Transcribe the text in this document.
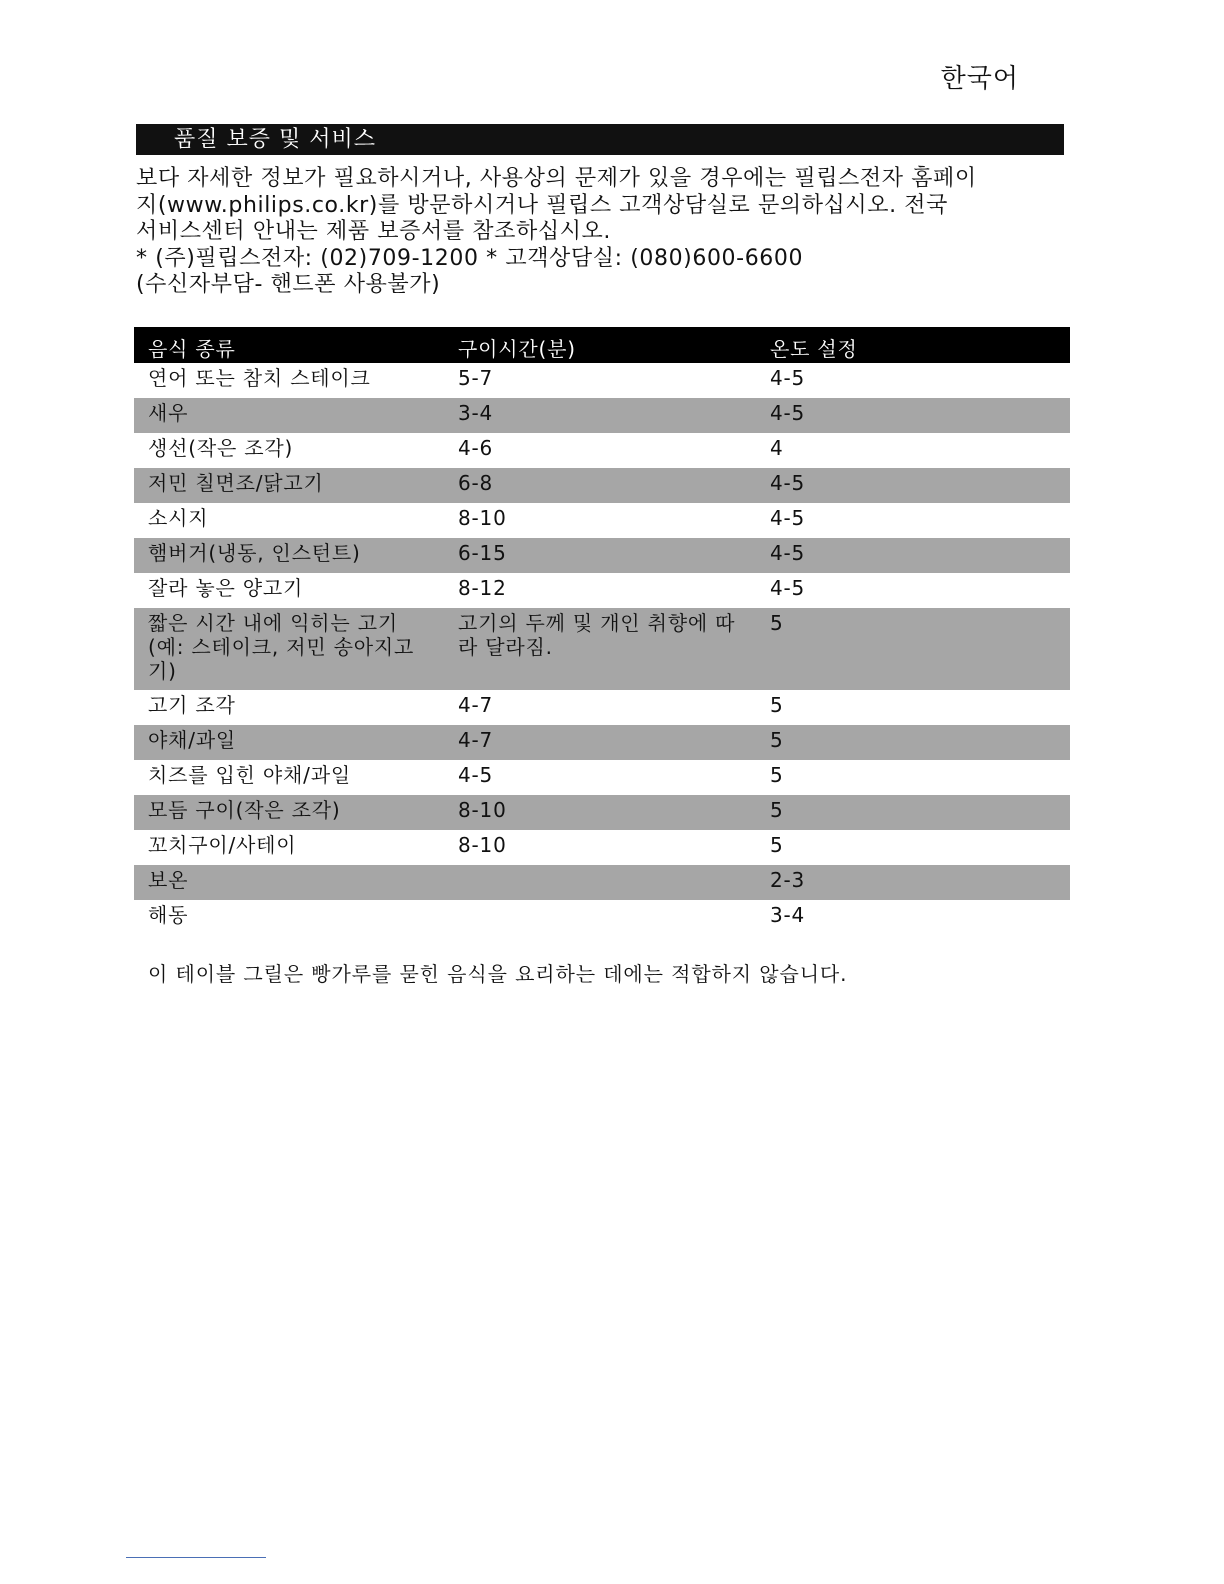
한국어
품질 보증 및 서비스

보다 자세한 정보가 필요하시거나, 사용상의 문제가 있을 경우에는 필립스전자 홈페이

지(www.philips.co.kr)를 방문하시거나 필립스 고객상담실로 문의하십시오. 전국

서비스센터 안내는 제품 보증서를 참조하십시오.

* (주)필립스전자: (02)709-1200 * 고객상담실: (080)600-6600

(수신자부담- 핸드폰 사용불가)

음식 종류	구이시간(분)	온도 설정
연어 또는 참치 스테이크	5-7	4-5
새우	3-4	4-5
생선(작은 조각)	4-6	4
저민 칠면조/닭고기	6-8	4-5
소시지	8-10	4-5
햄버거(냉동, 인스턴트)	6-15	4-5
잘라 놓은 양고기	8-12	4-5
짧은 시간 내에 익히는 고기 (예: 스테이크, 저민 송아지고기)	고기의 두께 및 개인 취향에 따라 달라짐.	5
고기 조각	4-7	5
야채/과일	4-7	5
치즈를 입힌 야채/과일	4-5	5
모듬 구이(작은 조각)	8-10	5
꼬치구이/사테이	8-10	5
보온		2-3
해동		3-4
이 테이블 그릴은 빵가루를 묻힌 음식을 요리하는 데에는 적합하지 않습니다.
